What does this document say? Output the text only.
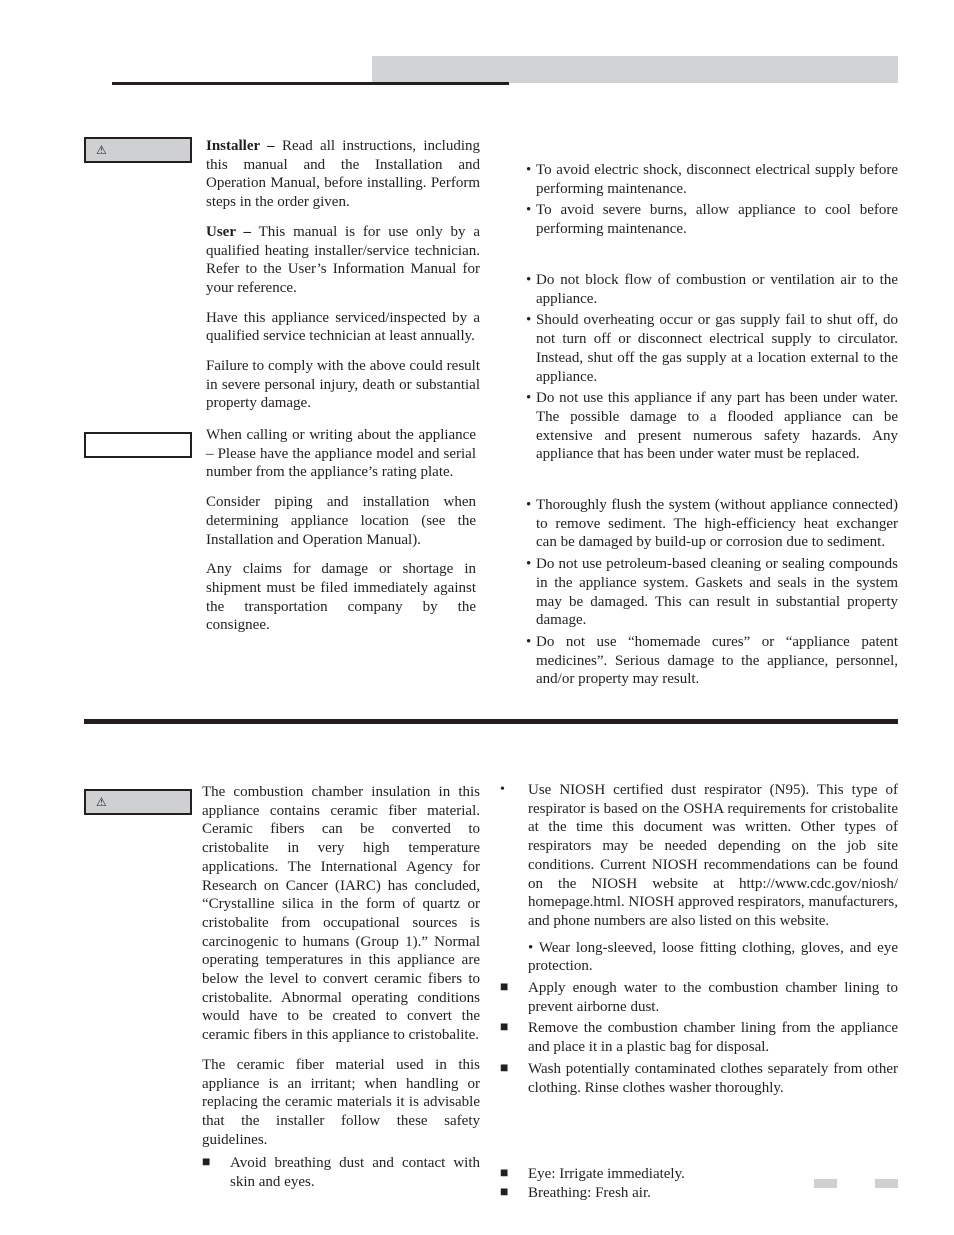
⚠	Installer – Read all instructions, including this manual and the Installation and Operation Manual, before installing. Perform steps in the order given.

User – This manual is for use only by a qualified heating installer/service technician. Refer to the User’s Information Manual for your reference.

Have this appliance serviced/inspected by a qualified service technician at least annually.

Failure to comply with the above could result in severe personal injury, death or substantial property damage.

When calling or writing about the appliance – Please have the appliance model and serial number from the appliance’s rating plate.

Consider piping and installation when determining appliance location (see the Installation and Operation Manual).

Any claims for damage or shortage in shipment must be filed immediately against the transportation company by the consignee.

• To avoid electric shock, disconnect electrical supply before performing maintenance.
• To avoid severe burns, allow appliance to cool before performing maintenance.
• Do not block flow of combustion or ventilation air to the appliance.
• Should overheating occur or gas supply fail to shut off, do not turn off or disconnect electrical supply to circulator. Instead, shut off the gas supply at a location external to the appliance.
• Do not use this appliance if any part has been under water. The possible damage to a flooded appliance can be extensive and present numerous safety hazards. Any appliance that has been under water must be replaced.
• Thoroughly flush the system (without appliance connected) to remove sediment. The high-efficiency heat exchanger can be damaged by build-up or corrosion due to sediment.
• Do not use petroleum-based cleaning or sealing compounds in the appliance system. Gaskets and seals in the system may be damaged. This can result in substantial property damage.
• Do not use “homemade cures” or “appliance patent medicines”. Serious damage to the appliance, personnel, and/or property may result.
⚠

The combustion chamber insulation in this appliance contains ceramic fiber material. Ceramic fibers can be converted to cristobalite in very high temperature applications. The International Agency for Research on Cancer (IARC) has concluded, “Crystalline silica in the form of quartz or cristobalite from occupational sources is carcinogenic to humans (Group 1).” Normal operating temperatures in this appliance are below the level to convert ceramic fibers to cristobalite. Abnormal operating conditions would have to be created to convert the ceramic fibers in this appliance to cristobalite.

The ceramic fiber material used in this appliance is an irritant; when handling or replacing the ceramic materials it is advisable that the installer follow these safety guidelines.

■	Avoid breathing dust and contact with skin and eyes.
•	Use NIOSH certified dust respirator (N95). This type of respirator is based on the OSHA requirements for cristobalite at the time this document was written. Other types of respirators may be needed depending on the job site conditions. Current NIOSH recommendations can be found on the NIOSH website at http://www.cdc.gov/niosh/ homepage.html. NIOSH approved respirators, manufacturers, and phone numbers are also listed on this website.
• Wear long-sleeved, loose fitting clothing, gloves, and eye protection.
■	Apply enough water to the combustion chamber lining to prevent airborne dust.
■	Remove the combustion chamber lining from the appliance and place it in a plastic bag for disposal.
■	Wash potentially contaminated clothes separately from other clothing. Rinse clothes washer thoroughly.
■	Eye: Irrigate immediately.
■	Breathing: Fresh air.
